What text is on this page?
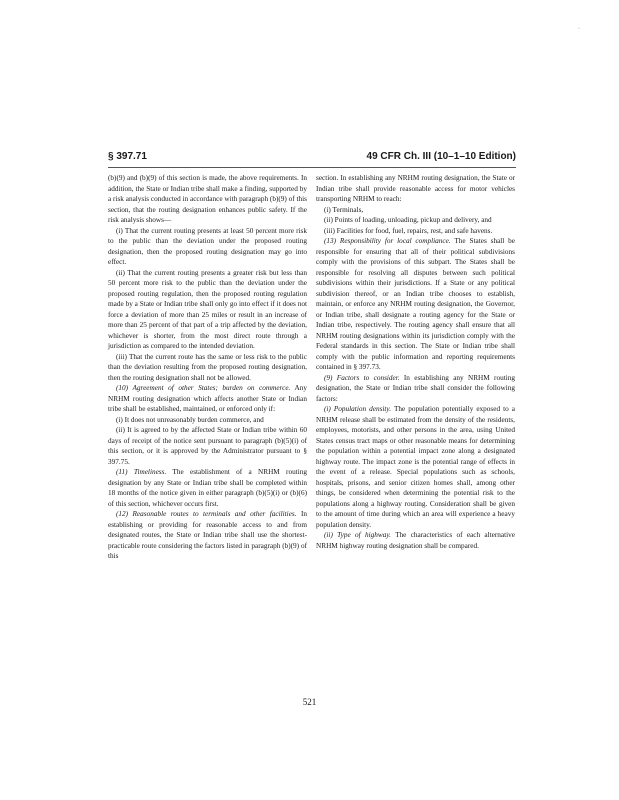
·
§ 397.71	49 CFR Ch. III (10–1–10 Edition)

(b)(9) and (b)(9) of this section is made, the above requirements. In addition, the State or Indian tribe shall make a finding, supported by a risk analysis conducted in accordance with paragraph (b)(9) of this section, that the routing designation enhances public safety. If the risk analysis shows—

(i) That the current routing presents at least 50 percent more risk to the public than the deviation under the proposed routing designation, then the proposed routing designation may go into effect.

(ii) That the current routing presents a greater risk but less than 50 percent more risk to the public than the deviation under the proposed routing regulation, then the proposed routing regulation made by a State or Indian tribe shall only go into effect if it does not force a deviation of more than 25 miles or result in an increase of more than 25 percent of that part of a trip affected by the deviation, whichever is shorter, from the most direct route through a jurisdiction as compared to the intended deviation.

(iii) That the current route has the same or less risk to the public than the deviation resulting from the proposed routing designation, then the routing designation shall not be allowed.

(10) Agreement of other States; burden on commerce. Any NRHM routing designation which affects another State or Indian tribe shall be established, maintained, or enforced only if:

(i) It does not unreasonably burden commerce, and

(ii) It is agreed to by the affected State or Indian tribe within 60 days of receipt of the notice sent pursuant to paragraph (b)(5)(i) of this section, or it is approved by the Administrator pursuant to § 397.75.

(11) Timeliness. The establishment of a NRHM routing designation by any State or Indian tribe shall be completed within 18 months of the notice given in either paragraph (b)(5)(i) or (b)(6) of this section, whichever occurs first.

(12) Reasonable routes to terminals and other facilities. In establishing or providing for reasonable access to and from designated routes, the State or Indian tribe shall use the shortest-practicable route considering the factors listed in paragraph (b)(9) of this

section. In establishing any NRHM routing designation, the State or Indian tribe shall provide reasonable access for motor vehicles transporting NRHM to reach:

(i) Terminals,

(ii) Points of loading, unloading, pickup and delivery, and

(iii) Facilities for food, fuel, repairs, rest, and safe havens.

(13) Responsibility for local compliance. The States shall be responsible for ensuring that all of their political subdivisions comply with the provisions of this subpart. The States shall be responsible for resolving all disputes between such political subdivisions within their jurisdictions. If a State or any political subdivision thereof, or an Indian tribe chooses to establish, maintain, or enforce any NRHM routing designation, the Governor, or Indian tribe, shall designate a routing agency for the State or Indian tribe, respectively. The routing agency shall ensure that all NRHM routing designations within its jurisdiction comply with the Federal standards in this section. The State or Indian tribe shall comply with the public information and reporting requirements contained in § 397.73.

(9) Factors to consider. In establishing any NRHM routing designation, the State or Indian tribe shall consider the following factors:

(i) Population density. The population potentially exposed to a NRHM release shall be estimated from the density of the residents, employees, motorists, and other persons in the area, using United States census tract maps or other reasonable means for determining the population within a potential impact zone along a designated highway route. The impact zone is the potential range of effects in the event of a release. Special populations such as schools, hospitals, prisons, and senior citizen homes shall, among other things, be considered when determining the potential risk to the populations along a highway routing. Consideration shall be given to the amount of time during which an area will experience a heavy population density.

(ii) Type of highway. The characteristics of each alternative NRHM highway routing designation shall be compared.

521
